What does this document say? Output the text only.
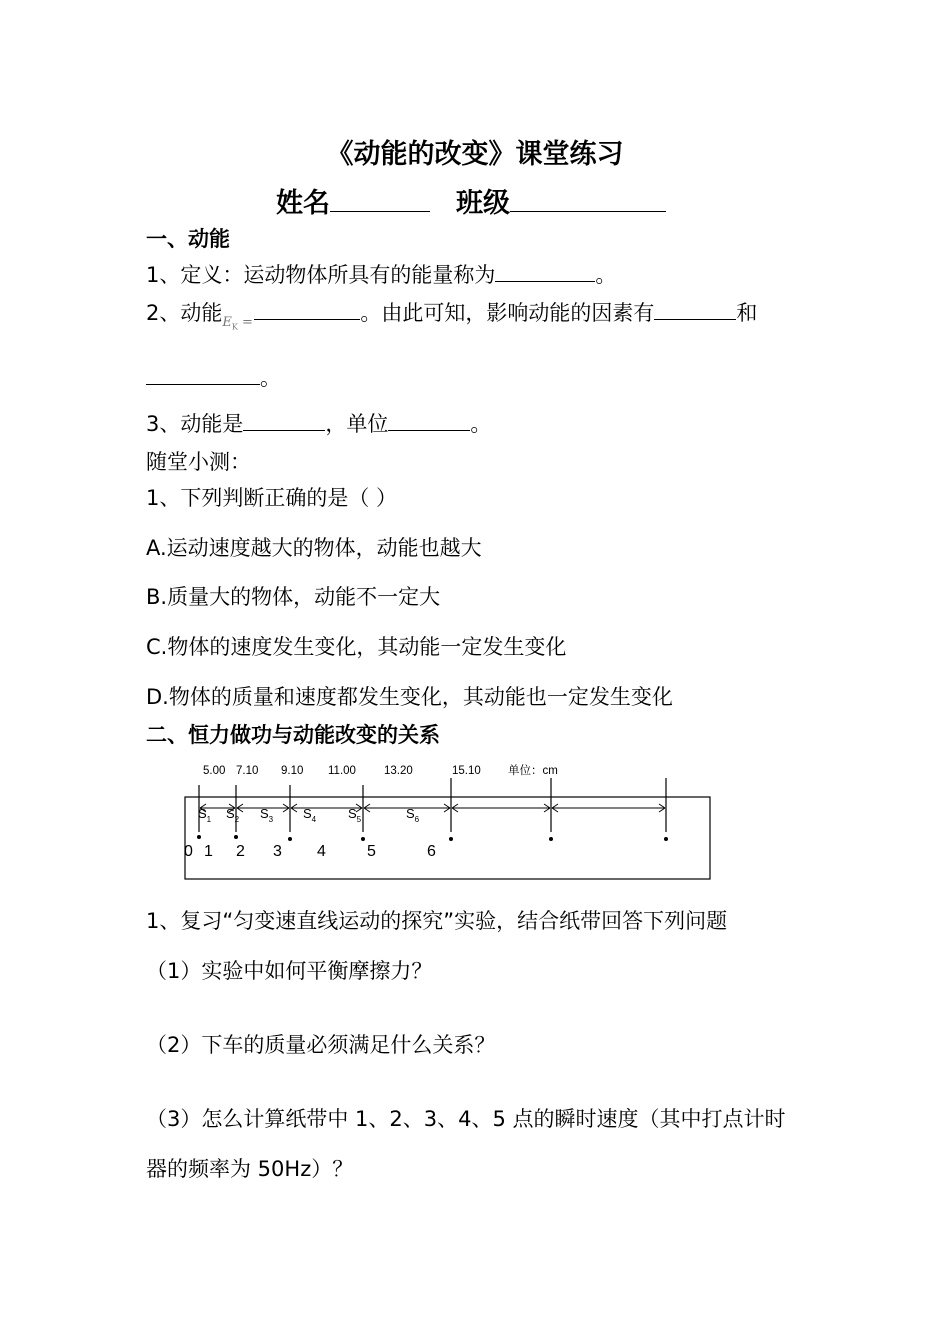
《动能的改变》课堂练习
姓名	班级
一、动能
1、定义：运动物体所具有的能量称为	。
2、动能$E_K$ =	。由此可知，影响动能的因素有	和
。
3、动能是	，单位	。
随堂小测：
1、下列判断正确的是（ ）
A.运动速度越大的物体，动能也越大
B.质量大的物体，动能不一定大
C.物体的速度发生变化，其动能一定发生变化
D.物体的质量和速度都发生变化，其动能也一定发生变化
二、恒力做功与动能改变的关系
5.00 7.10 9.10 11.00 13.20	15.10 单位：cm
$S_1$ $S_2$ $S_3$ $S_4$ $S_5$	$S_6$
0 1 2 3 4	5	6
1、复习“匀变速直线运动的探究”实验，结合纸带回答下列问题
（1）实验中如何平衡摩擦力？
（2）下车的质量必须满足什么关系？
（3）怎么计算纸带中 1、2、3、4、5 点的瞬时速度（其中打点计时
器的频率为 50Hz）？
